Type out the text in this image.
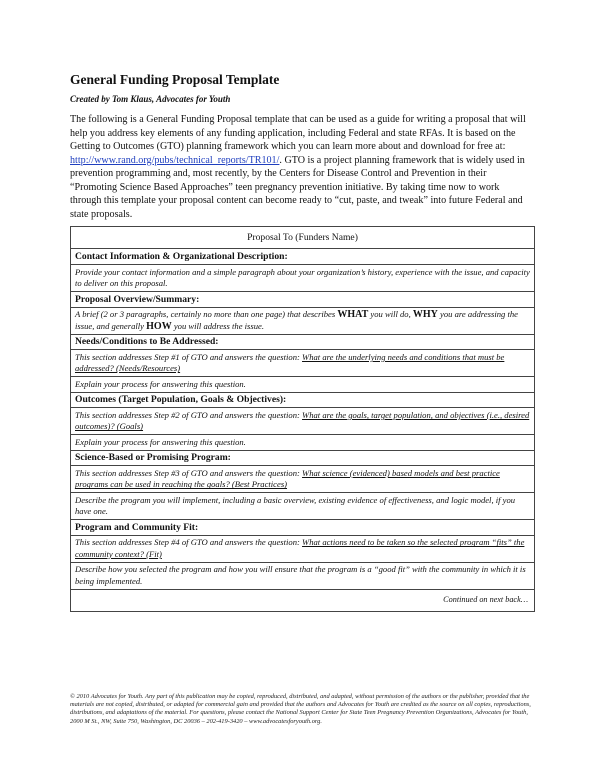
General Funding Proposal Template
Created by Tom Klaus, Advocates for Youth
The following is a General Funding Proposal template that can be used as a guide for writing a proposal that will help you address key elements of any funding application, including Federal and state RFAs. It is based on the Getting to Outcomes (GTO) planning framework which you can learn more about and download for free at: http://www.rand.org/pubs/technical_reports/TR101/. GTO is a project planning framework that is widely used in prevention programming and, most recently, by the Centers for Disease Control and Prevention in their “Promoting Science Based Approaches” teen pregnancy prevention initiative. By taking time now to work through this template your proposal content can become ready to “cut, paste, and tweak” into future Federal and state proposals.
Proposal To (Funders Name)
Contact Information & Organizational Description:
Provide your contact information and a simple paragraph about your organization’s history, experience with the issue, and capacity to deliver on this proposal.
Proposal Overview/Summary:
A brief (2 or 3 paragraphs, certainly no more than one page) that describes WHAT you will do, WHY you are addressing the issue, and generally HOW you will address the issue.
Needs/Conditions to Be Addressed:
This section addresses Step #1 of GTO and answers the question: What are the underlying needs and conditions that must be addressed? (Needs/Resources)
Explain your process for answering this question.
Outcomes (Target Population, Goals & Objectives):
This section addresses Step #2 of GTO and answers the question: What are the goals, target population, and objectives (i.e., desired outcomes)? (Goals)
Explain your process for answering this question.
Science-Based or Promising Program:
This section addresses Step #3 of GTO and answers the question: What science (evidenced) based models and best practice programs can be used in reaching the goals? (Best Practices)
Describe the program you will implement, including a basic overview, existing evidence of effectiveness, and logic model, if you have one.
Program and Community Fit:
This section addresses Step #4 of GTO and answers the question: What actions need to be taken so the selected program “fits” the community context? (Fit)
Describe how you selected the program and how you will ensure that the program is a “good fit” with the community in which it is being implemented.
Continued on next back…
© 2010 Advocates for Youth. Any part of this publication may be copied, reproduced, distributed, and adapted, without permission of the authors or the publisher, provided that the materials are not copied, distributed, or adapted for commercial gain and provided that the authors and Advocates for Youth are credited as the source on all copies, reproductions, distributions, and adaptations of the material. For questions, please contact the National Support Center for State Teen Pregnancy Prevention Organizations, Advocates for Youth, 2000 M St., NW, Suite 750, Washington, DC 20036 – 202-419-3420 – www.advocatesforyouth.org.
